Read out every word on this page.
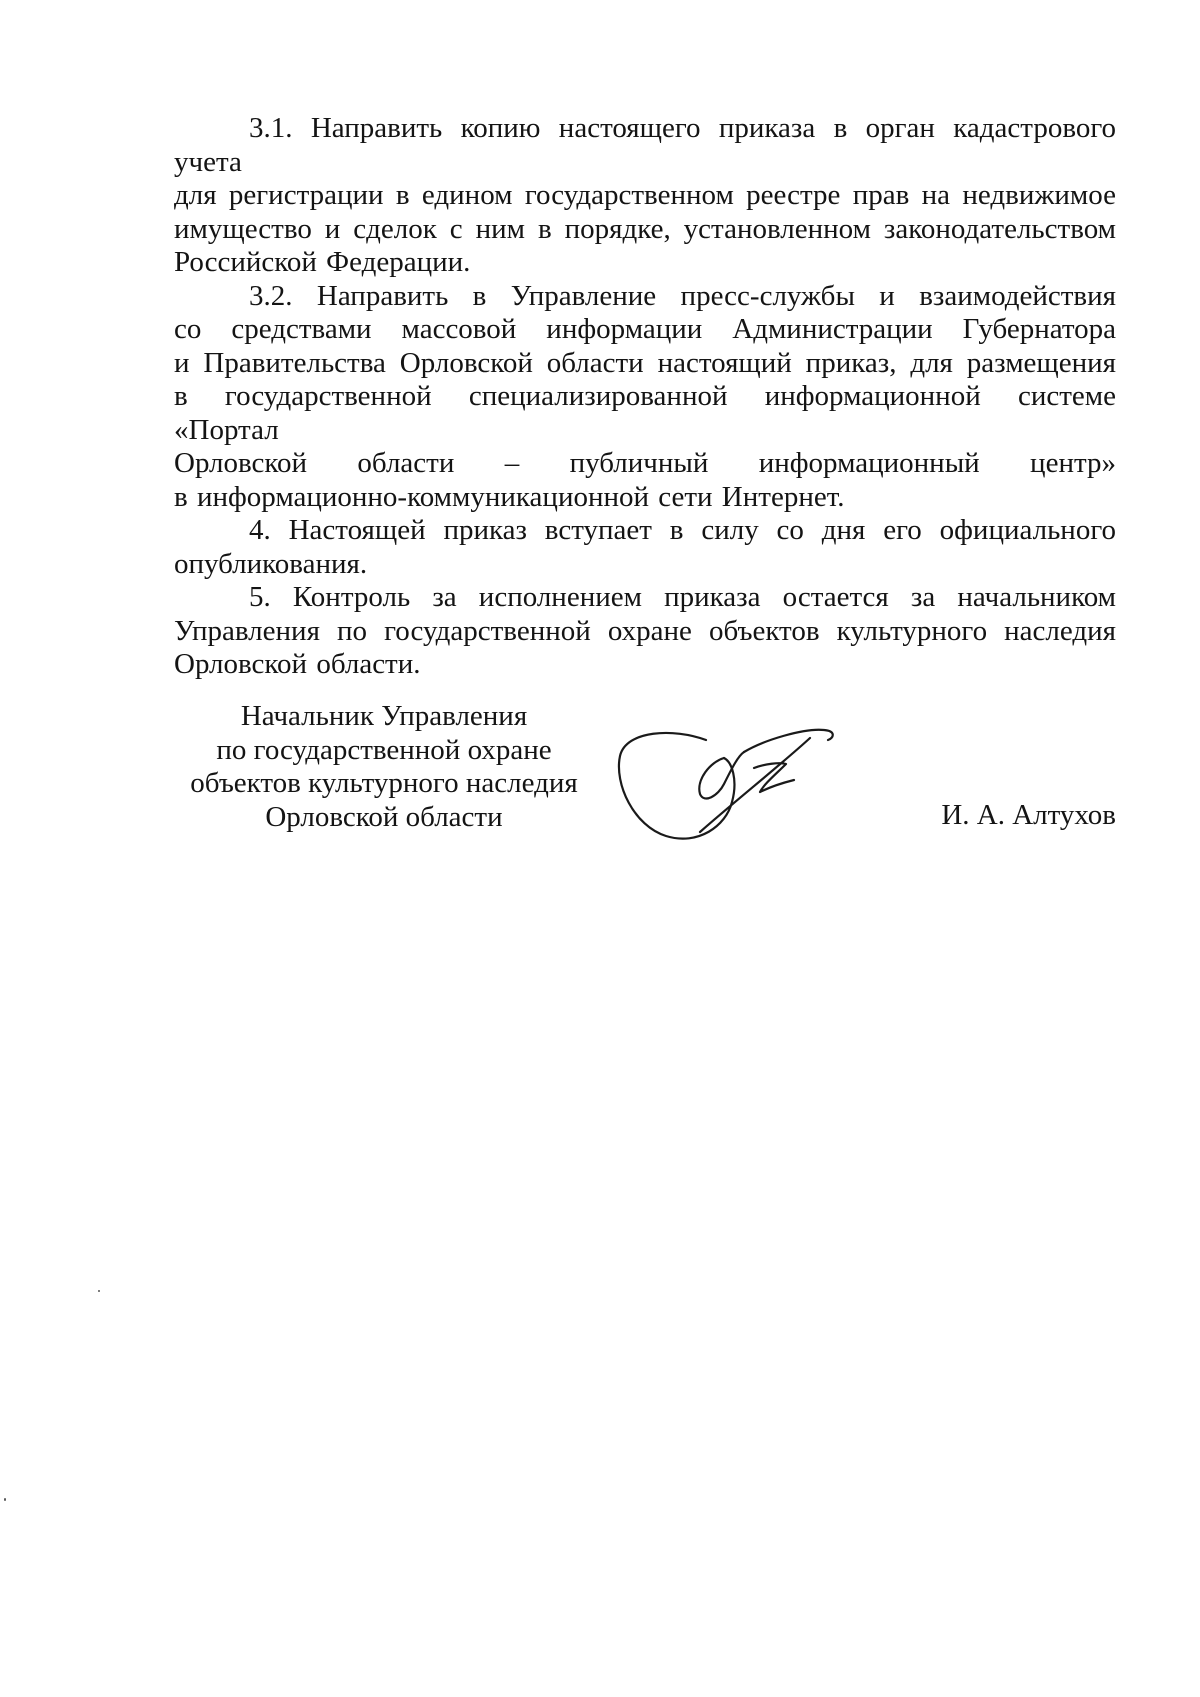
3.1. Направить копию настоящего приказа в орган кадастрового учета
для регистрации в едином государственном реестре прав на недвижимое
имущество и сделок с ним в порядке, установленном законодательством
Российской Федерации.

3.2. Направить в Управление пресс-службы и взаимодействия
со средствами массовой информации Администрации Губернатора
и Правительства Орловской области настоящий приказ, для размещения
в государственной специализированной информационной системе «Портал
Орловской области – публичный информационный центр»
в информационно-коммуникационной сети Интернет.

4. Настоящей приказ вступает в силу со дня его официального
опубликования.

5. Контроль за исполнением приказа остается за начальником
Управления по государственной охране объектов культурного наследия
Орловской области.

Начальник Управления
по государственной охране
объектов культурного наследия
Орловской области	И. А. Алтухов
